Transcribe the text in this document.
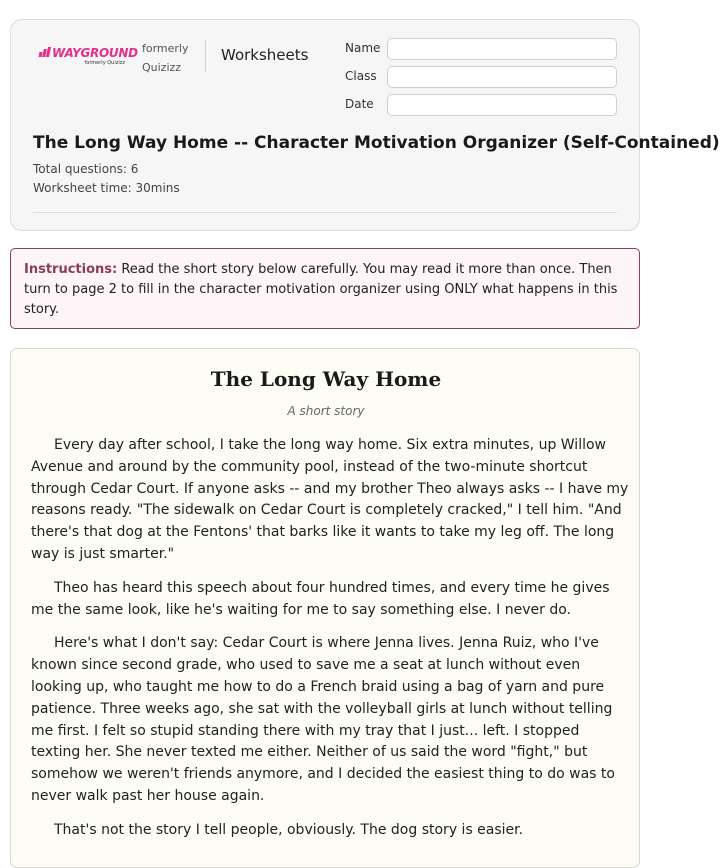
WAYGROUND
formerly Quizizz
formerly
Quizizz
Worksheets	Name
Class
Date
The Long Way Home -- Character Motivation Organizer (Self-Contained)
Total questions: 6
Worksheet time: 30mins
Instructions: Read the short story below carefully. You may read it more than once. Then turn to page 2 to fill in the character motivation organizer using ONLY what happens in this story.
The Long Way Home
A short story

Every day after school, I take the long way home. Six extra minutes, up Willow Avenue and around by the community pool, instead of the two-minute shortcut through Cedar Court. If anyone asks -- and my brother Theo always asks -- I have my reasons ready. "The sidewalk on Cedar Court is completely cracked," I tell him. "And there's that dog at the Fentons' that barks like it wants to take my leg off. The long way is just smarter."

Theo has heard this speech about four hundred times, and every time he gives me the same look, like he's waiting for me to say something else. I never do.

Here's what I don't say: Cedar Court is where Jenna lives. Jenna Ruiz, who I've known since second grade, who used to save me a seat at lunch without even looking up, who taught me how to do a French braid using a bag of yarn and pure patience. Three weeks ago, she sat with the volleyball girls at lunch without telling me first. I felt so stupid standing there with my tray that I just... left. I stopped texting her. She never texted me either. Neither of us said the word "fight," but somehow we weren't friends anymore, and I decided the easiest thing to do was to never walk past her house again.

That's not the story I tell people, obviously. The dog story is easier.
